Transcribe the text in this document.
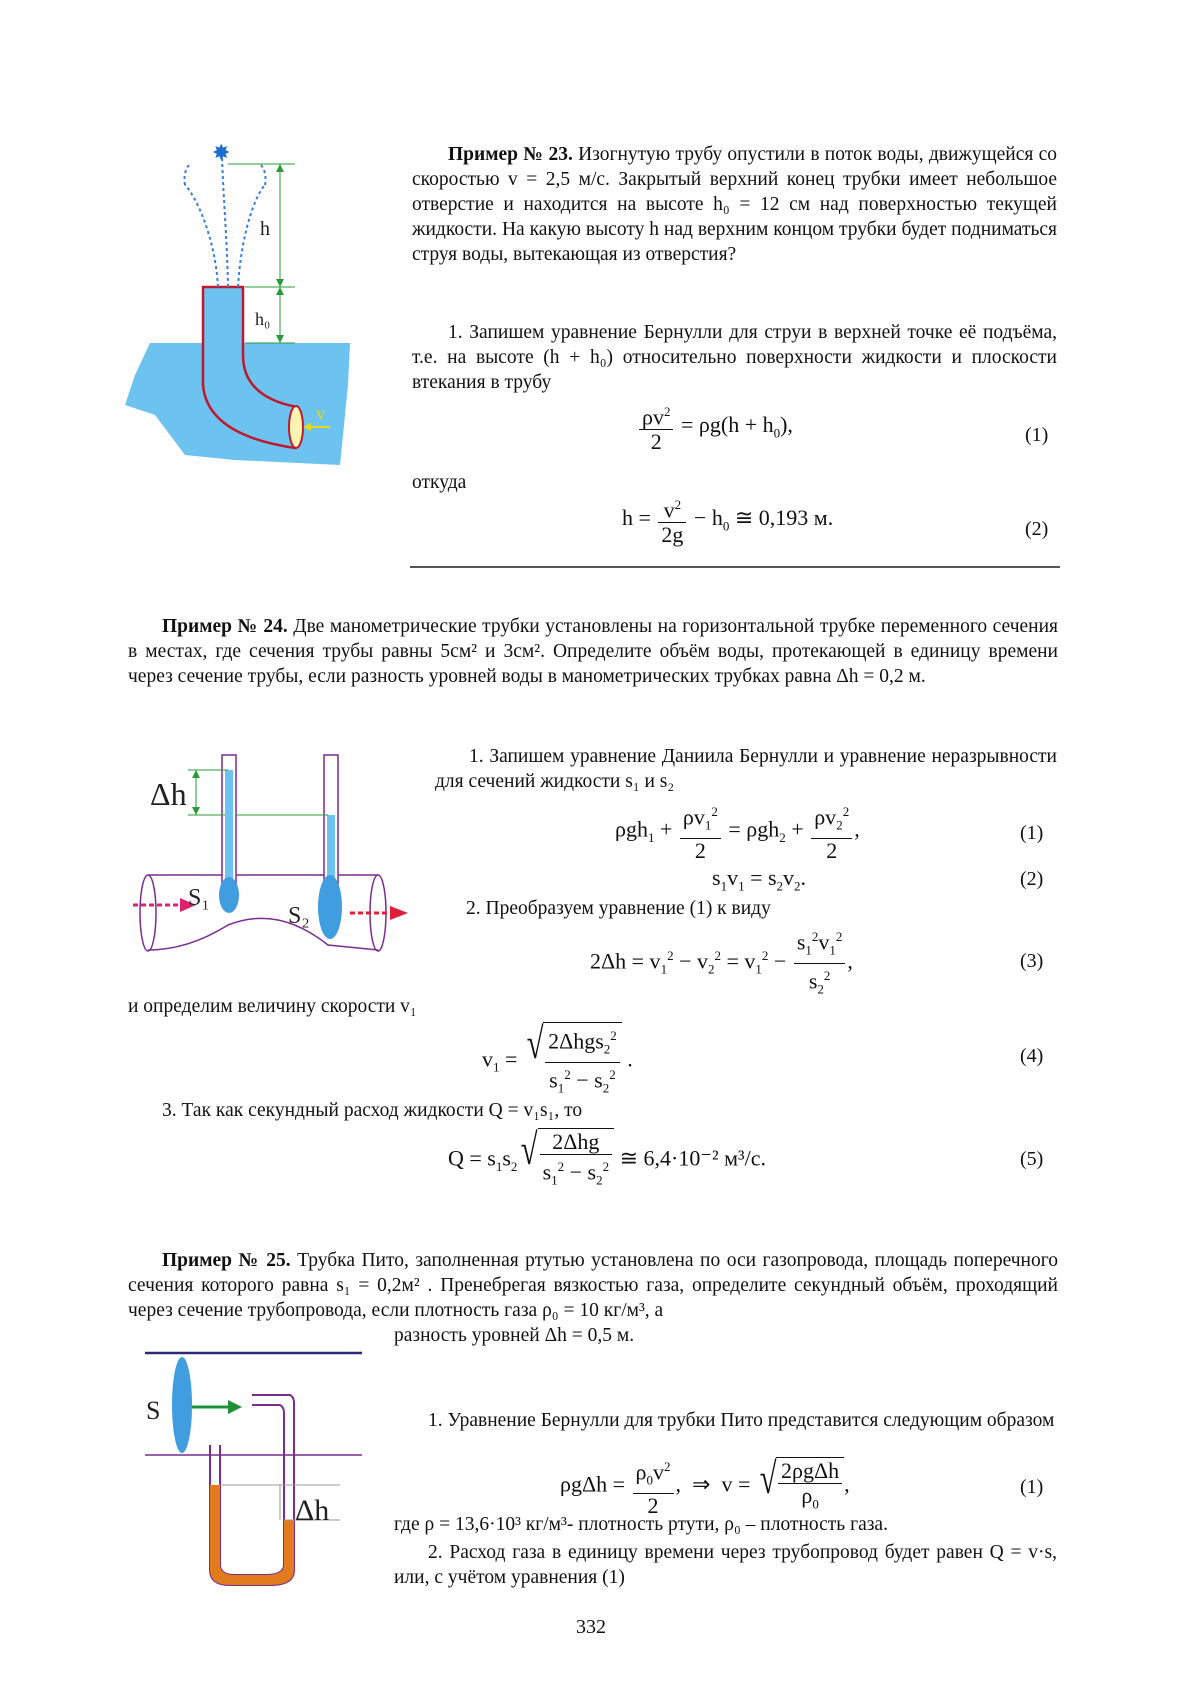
v
✸
h
h₀
Пример № 23. Изогнутую трубу опустили в поток воды, движущейся со скоростью v = 2,5 м/с. Закрытый верхний конец трубки имеет небольшое отверстие и находится на высоте h₀ = 12 см над поверхностью текущей жидкости. На какую высоту h над верхним концом трубки будет подниматься струя воды, вытекающая из отверстия?
1. Запишем уравнение Бернулли для струи в верхней точке её подъёма, т.е. на высоте (h + h₀) относительно поверхности жидкости и плоскости втекания в трубу
$\frac{\rho v^2}{2} = \rho g(h + h_0)$,	(1)
откуда
$h = \frac{v^2}{2g} - h_0$ ≅ 0,193 м.	(2)
Пример № 24. Две манометрические трубки установлены на горизонтальной трубке переменного сечения в местах, где сечения трубы равны 5см² и 3см². Определите объём воды, протекающей в единицу времени через сечение трубы, если разность уровней воды в манометрических трубках равна Δh = 0,2 м.
Δh
S₁
S₂
1. Запишем уравнение Даниила Бернулли и уравнение неразрывности для сечений жидкости s₁ и s₂
$\rho gh_1 + \frac{\rho v_1^2}{2} = \rho gh_2 + \frac{\rho v_2^2}{2}$ ,	(1)
$s_1v_1 = s_2v_2$.	(2)
2. Преобразуем уравнение (1) к виду
$2\Delta h = v_1^2 - v_2^2 = v_1^2 - \frac{s_1^2v_1^2}{s_2^2}$ ,	(3)
и определим величину скорости v₁
$v_1$ = √ $\frac{2\Delta hgs_2^2}{s_1^2 - s_2^2}$ .	(4)
3. Так как секундный расход жидкости Q = v₁s₁, то
$Q = s_1s_2$ √ $\frac{\text{2Δhg}}{s_1^2 - s_2^2}$ ≅ 6,4·10⁻² м³/с.	(5)
Пример № 25. Трубка Пито, заполненная ртутью установлена по оси газопровода, площадь поперечного сечения которого равна s₁ = 0,2м² . Пренебрегая вязкостью газа, определите секундный объём, проходящий через сечение трубопровода, если плотность газа ρ₀ = 10 кг/м³, а
разность уровней Δh = 0,5 м.
S
Δh
1. Уравнение Бернулли для трубки Пито представится следующим образом
$\rho g\Delta h = \frac{\rho_0v^2}{2}$ ,  ⇒  v = √ $\frac{\text{2ρgΔh}}{\rho_0}$ ,	(1)
где ρ = 13,6·10³ кг/м³- плотность ртути, ρ₀ – плотность газа.
2. Расход газа в единицу времени через трубопровод будет равен Q = v·s, или, с учётом уравнения (1)
332
